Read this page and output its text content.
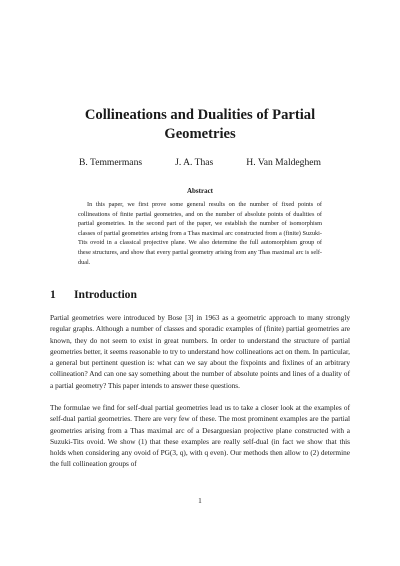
Collineations and Dualities of Partial Geometries
B. Temmermans	J. A. Thas	H. Van Maldeghem
Abstract
In this paper, we first prove some general results on the number of fixed points of collineations of finite partial geometries, and on the number of absolute points of dualities of partial geometries. In the second part of the paper, we establish the number of isomorphism classes of partial geometries arising from a Thas maximal arc constructed from a (finite) Suzuki-Tits ovoid in a classical projective plane. We also determine the full automorphism group of these structures, and show that every partial geometry arising from any Thas maximal arc is self-dual.
1 Introduction
Partial geometries were introduced by Bose [3] in 1963 as a geometric approach to many strongly regular graphs. Although a number of classes and sporadic examples of (finite) partial geometries are known, they do not seem to exist in great numbers. In order to understand the structure of partial geometries better, it seems reasonable to try to understand how collineations act on them. In particular, a general but pertinent question is: what can we say about the fixpoints and fixlines of an arbitrary collineation? And can one say something about the number of absolute points and lines of a duality of a partial geometry? This paper intends to answer these questions.
The formulae we find for self-dual partial geometries lead us to take a closer look at the examples of self-dual partial geometries. There are very few of these. The most prominent examples are the partial geometries arising from a Thas maximal arc of a Desarguesian projective plane constructed with a Suzuki-Tits ovoid. We show (1) that these examples are really self-dual (in fact we show that this holds when considering any ovoid of PG(3, q), with q even). Our methods then allow to (2) determine the full collineation groups of
1
